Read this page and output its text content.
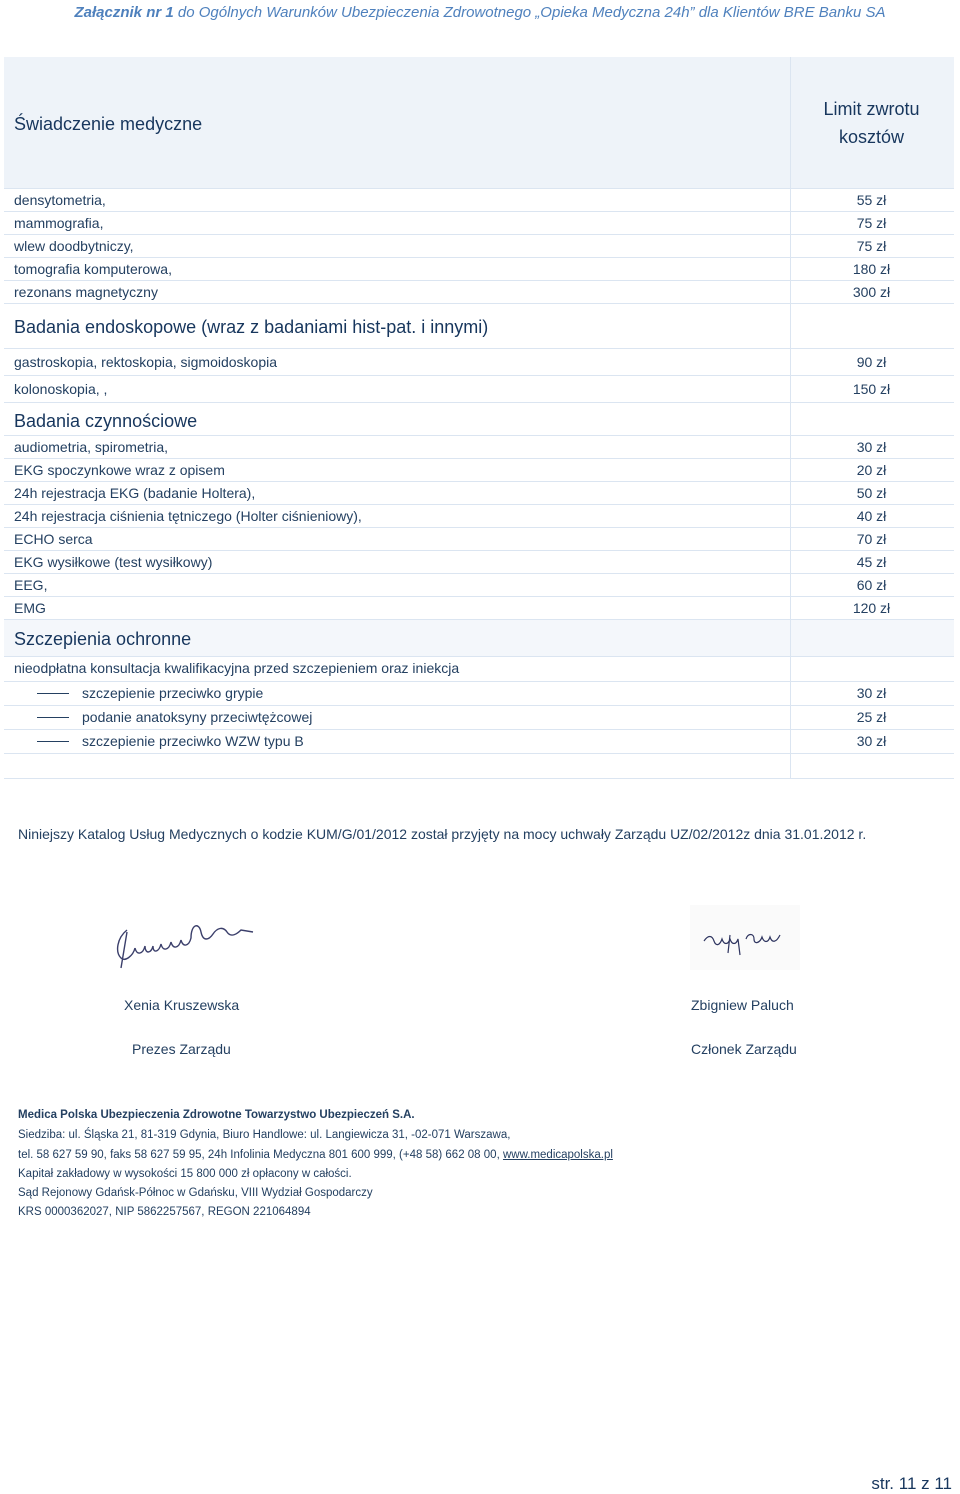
Załącznik nr 1 do Ogólnych Warunków Ubezpieczenia Zdrowotnego „Opieka Medyczna 24h” dla Klientów BRE Banku SA
Świadczenie medyczne
Limit zwrotu
kosztów
densytometria,	55 zł
mammografia,	75 zł
wlew doodbytniczy,	75 zł
tomografia komputerowa,	180 zł
rezonans magnetyczny	300 zł
Badania endoskopowe (wraz z badaniami hist-pat. i innymi)
gastroskopia, rektoskopia, sigmoidoskopia	90 zł
kolonoskopia, ,	150 zł
Badania czynnościowe
audiometria, spirometria,	30 zł
EKG spoczynkowe wraz z opisem	20 zł
24h rejestracja EKG (badanie Holtera),	50 zł
24h rejestracja ciśnienia tętniczego (Holter ciśnieniowy),	40 zł
ECHO serca	70 zł
EKG wysiłkowe (test wysiłkowy)	45 zł
EEG,	60 zł
EMG	120 zł
Szczepienia ochronne
nieodpłatna konsultacja kwalifikacyjna przed szczepieniem oraz iniekcja
szczepienie przeciwko grypie	30 zł
podanie anatoksyny przeciwtężcowej	25 zł
szczepienie przeciwko WZW typu B	30 zł
Niniejszy Katalog Usług Medycznych o kodzie KUM/G/01/2012 został przyjęty na mocy uchwały Zarządu UZ/02/2012z dnia 31.01.2012 r.
Xenia Kruszewska
Prezes Zarządu
Zbigniew Paluch
Członek Zarządu
Medica Polska Ubezpieczenia Zdrowotne Towarzystwo Ubezpieczeń S.A.
Siedziba: ul. Śląska 21, 81-319 Gdynia, Biuro Handlowe: ul. Langiewicza 31, -02-071 Warszawa,
tel. 58 627 59 90, faks 58 627 59 95, 24h Infolinia Medyczna 801 600 999, (+48 58) 662 08 00, www.medicapolska.pl
Kapitał zakładowy w wysokości 15 800 000 zł opłacony w całości.
Sąd Rejonowy Gdańsk-Północ w Gdańsku, VIII Wydział Gospodarczy
KRS 0000362027, NIP 5862257567, REGON 221064894
str. 11 z 11
